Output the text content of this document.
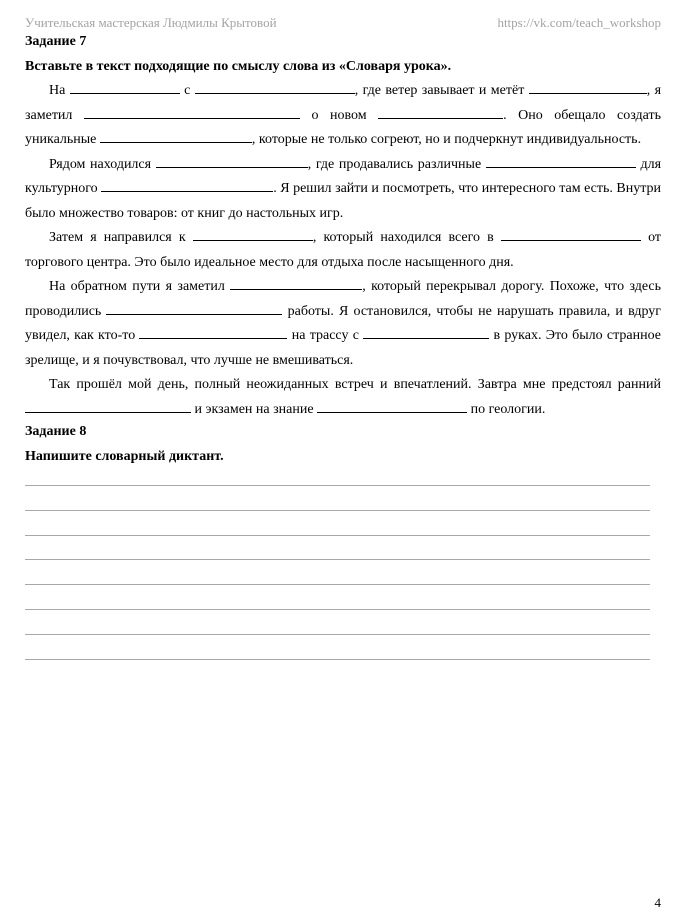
Учительская мастерская Людмилы Крытовой	https://vk.com/teach_workshop
Задание 7
Вставьте в текст подходящие по смыслу слова из «Словаря урока».

На	с	, где ветер завывает и метёт	, я заметил	о новом	. Оно обещало создать уникальные	, которые не только согреют, но и подчеркнут индивидуальность.

Рядом находился	, где продавались различные	для культурного	. Я решил зайти и посмотреть, что интересного там есть. Внутри было множество товаров: от книг до настольных игр.

Затем я направился к	, который находился всего в	от торгового центра. Это было идеальное место для отдыха после насыщенного дня.

На обратном пути я заметил	, который перекрывал дорогу. Похоже, что здесь проводились	работы. Я остановился, чтобы не нарушать правила, и вдруг увидел, как кто-то	на трассу с	в руках. Это было странное зрелище, и я почувствовал, что лучше не вмешиваться.

Так прошёл мой день, полный неожиданных встреч и впечатлений. Завтра мне предстоял ранний  и экзамен на знание	по геологии.

Задание 8
Напишите словарный диктант.
4
